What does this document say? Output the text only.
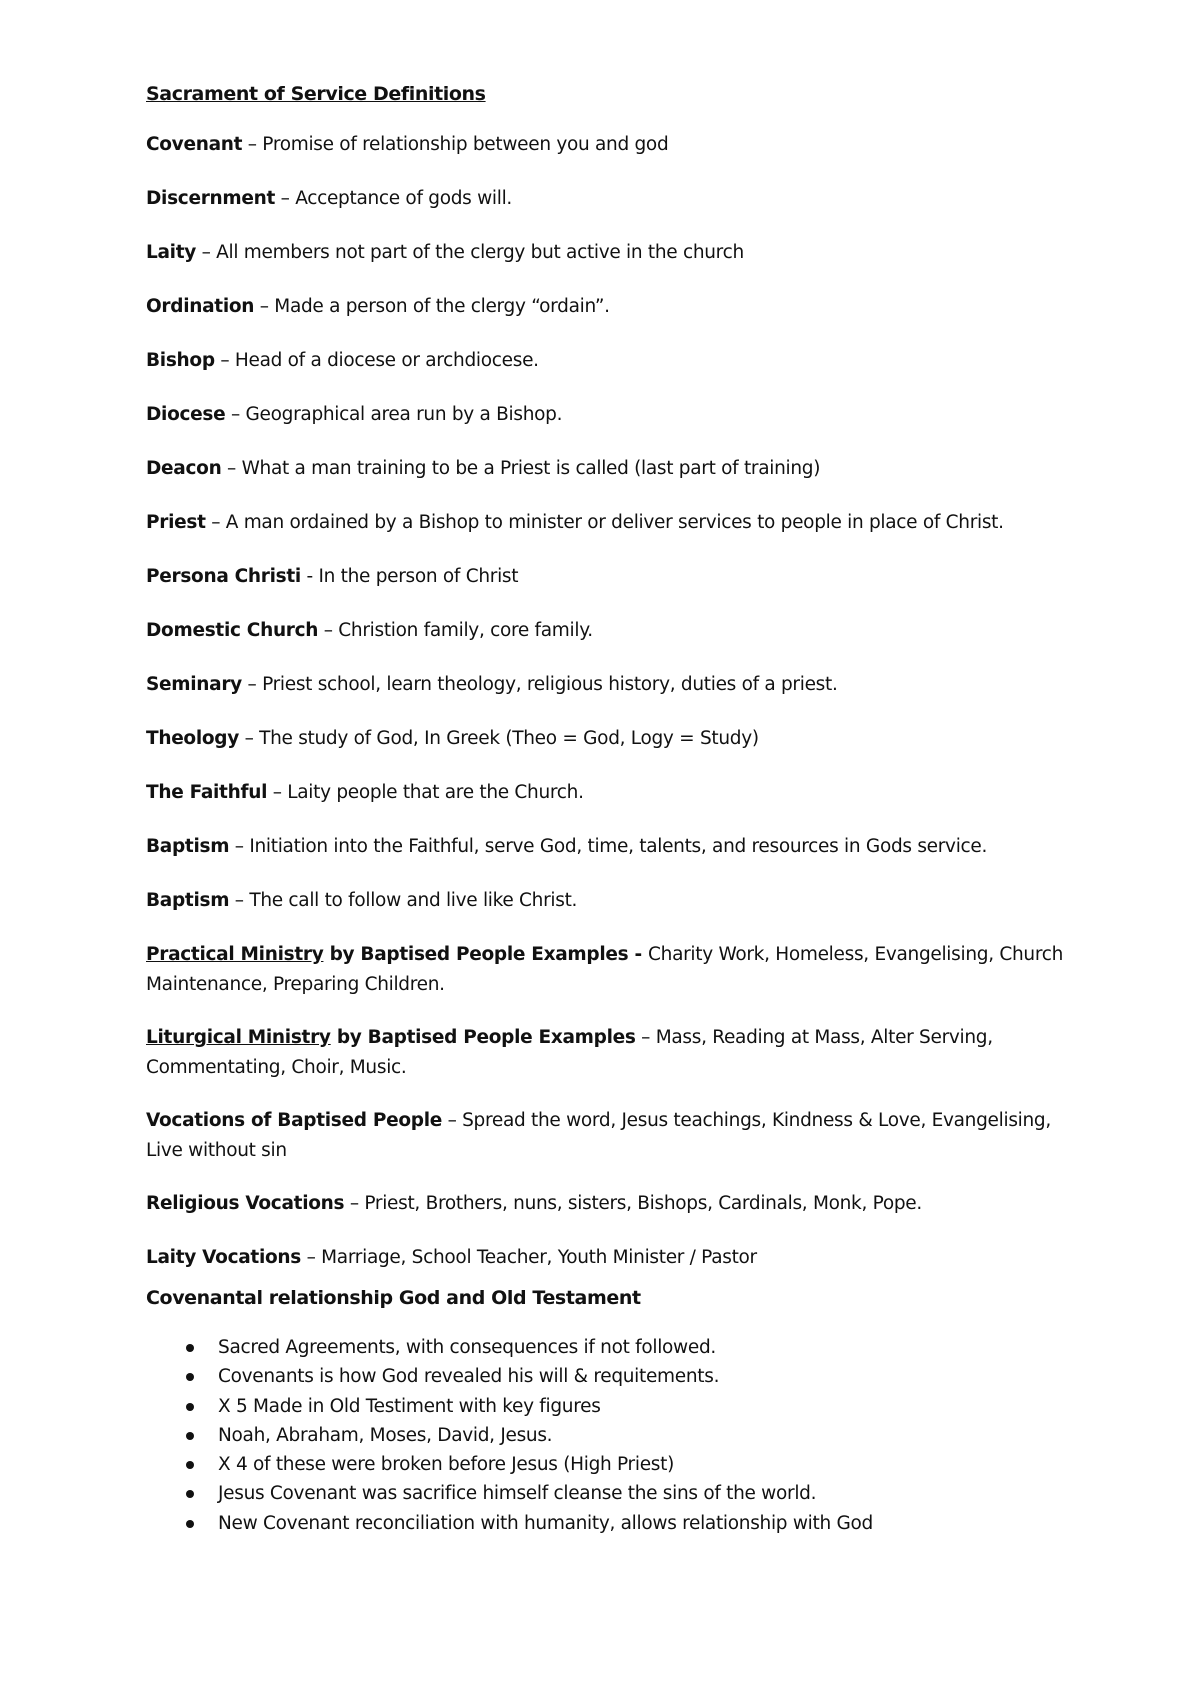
Sacrament of Service Definitions
Covenant – Promise of relationship between you and god
Discernment – Acceptance of gods will.
Laity – All members not part of the clergy but active in the church
Ordination – Made a person of the clergy “ordain”.
Bishop – Head of a diocese or archdiocese.
Diocese – Geographical area run by a Bishop.
Deacon – What a man training to be a Priest is called (last part of training)
Priest – A man ordained by a Bishop to minister or deliver services to people in place of Christ.
Persona Christi - In the person of Christ
Domestic Church – Christion family, core family.
Seminary – Priest school, learn theology, religious history, duties of a priest.
Theology – The study of God, In Greek (Theo = God, Logy = Study)
The Faithful – Laity people that are the Church.
Baptism – Initiation into the Faithful, serve God, time, talents, and resources in Gods service.
Baptism – The call to follow and live like Christ.
Practical Ministry by Baptised People Examples - Charity Work, Homeless, Evangelising, Church Maintenance, Preparing Children.
Liturgical Ministry by Baptised People Examples – Mass, Reading at Mass, Alter Serving, Commentating, Choir, Music.
Vocations of Baptised People – Spread the word, Jesus teachings, Kindness & Love, Evangelising, Live without sin
Religious Vocations – Priest, Brothers, nuns, sisters, Bishops, Cardinals, Monk, Pope.
Laity Vocations – Marriage, School Teacher, Youth Minister / Pastor
Covenantal relationship God and Old Testament
Sacred Agreements, with consequences if not followed.
Covenants is how God revealed his will & requitements.
X 5 Made in Old Testiment with key figures
Noah, Abraham, Moses, David, Jesus.
X 4 of these were broken before Jesus (High Priest)
Jesus Covenant was sacrifice himself cleanse the sins of the world.
New Covenant reconciliation with humanity, allows relationship with God
